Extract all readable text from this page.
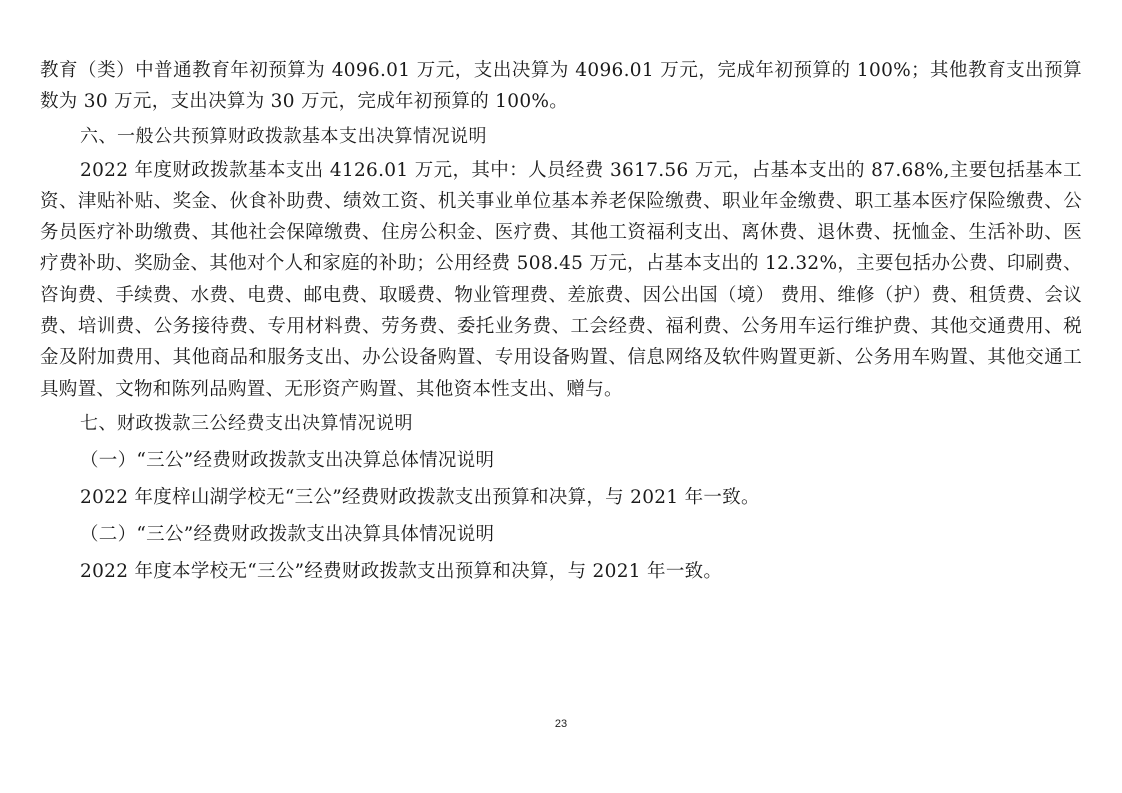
教育（类）中普通教育年初预算为 4096.01 万元，支出决算为 4096.01 万元，完成年初预算的 100%；其他教育支出预算数为 30 万元，支出决算为 30 万元，完成年初预算的 100%。

六、一般公共预算财政拨款基本支出决算情况说明

2022 年度财政拨款基本支出 4126.01 万元，其中：人员经费 3617.56 万元，占基本支出的 87.68%,主要包括基本工资、津贴补贴、奖金、伙食补助费、绩效工资、机关事业单位基本养老保险缴费、职业年金缴费、职工基本医疗保险缴费、公务员医疗补助缴费、其他社会保障缴费、住房公积金、医疗费、其他工资福利支出、离休费、退休费、抚恤金、生活补助、医疗费补助、奖励金、其他对个人和家庭的补助；公用经费 508.45 万元，占基本支出的 12.32%，主要包括办公费、印刷费、咨询费、手续费、水费、电费、邮电费、取暖费、物业管理费、差旅费、因公出国（境） 费用、维修（护）费、租赁费、会议费、培训费、公务接待费、专用材料费、劳务费、委托业务费、工会经费、福利费、公务用车运行维护费、其他交通费用、税金及附加费用、其他商品和服务支出、办公设备购置、专用设备购置、信息网络及软件购置更新、公务用车购置、其他交通工具购置、文物和陈列品购置、无形资产购置、其他资本性支出、赠与。

七、财政拨款三公经费支出决算情况说明

（一）“三公”经费财政拨款支出决算总体情况说明

2022 年度梓山湖学校无“三公”经费财政拨款支出预算和决算，与 2021 年一致。

（二）“三公”经费财政拨款支出决算具体情况说明

2022 年度本学校无“三公”经费财政拨款支出预算和决算，与 2021 年一致。

23
